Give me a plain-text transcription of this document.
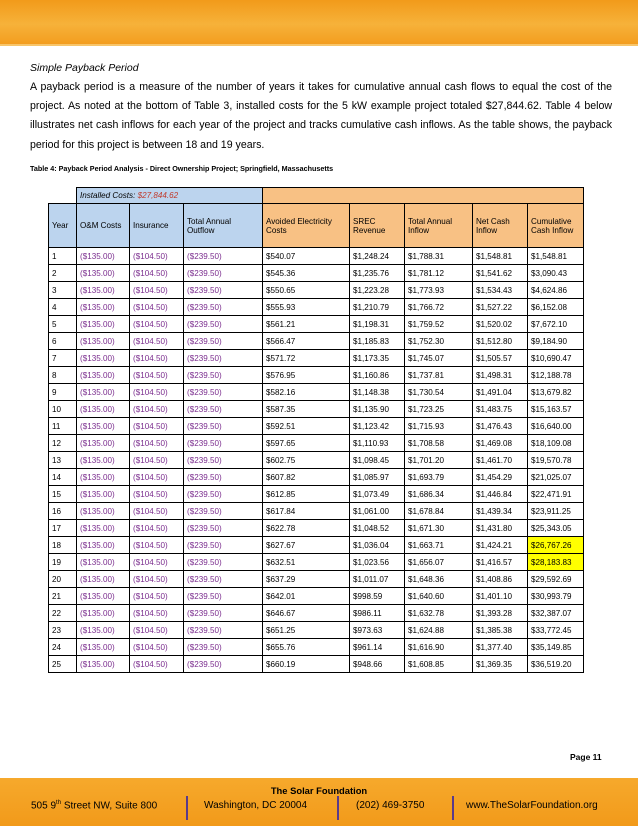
Simple Payback Period
A payback period is a measure of the number of years it takes for cumulative annual cash flows to equal the cost of the project. As noted at the bottom of Table 3, installed costs for the 5 kW example project totaled $27,844.62. Table 4 below illustrates net cash inflows for each year of the project and tracks cumulative cash inflows. As the table shows, the payback period for this project is between 18 and 19 years.
Table 4: Payback Period Analysis - Direct Ownership Project; Springfield, Massachusetts
	Installed Costs: $27,844.62							
Year	O&M Costs	Insurance	Total Annual Outflow	Avoided Electricity Costs	SREC Revenue	Total Annual Inflow	Net Cash Inflow	Cumulative Cash Inflow
1	($135.00)	($104.50)	($239.50)	$540.07	$1,248.24	$1,788.31	$1,548.81	$1,548.81
2	($135.00)	($104.50)	($239.50)	$545.36	$1,235.76	$1,781.12	$1,541.62	$3,090.43
3	($135.00)	($104.50)	($239.50)	$550.65	$1,223.28	$1,773.93	$1,534.43	$4,624.86
4	($135.00)	($104.50)	($239.50)	$555.93	$1,210.79	$1,766.72	$1,527.22	$6,152.08
5	($135.00)	($104.50)	($239.50)	$561.21	$1,198.31	$1,759.52	$1,520.02	$7,672.10
6	($135.00)	($104.50)	($239.50)	$566.47	$1,185.83	$1,752.30	$1,512.80	$9,184.90
7	($135.00)	($104.50)	($239.50)	$571.72	$1,173.35	$1,745.07	$1,505.57	$10,690.47
8	($135.00)	($104.50)	($239.50)	$576.95	$1,160.86	$1,737.81	$1,498.31	$12,188.78
9	($135.00)	($104.50)	($239.50)	$582.16	$1,148.38	$1,730.54	$1,491.04	$13,679.82
10	($135.00)	($104.50)	($239.50)	$587.35	$1,135.90	$1,723.25	$1,483.75	$15,163.57
11	($135.00)	($104.50)	($239.50)	$592.51	$1,123.42	$1,715.93	$1,476.43	$16,640.00
12	($135.00)	($104.50)	($239.50)	$597.65	$1,110.93	$1,708.58	$1,469.08	$18,109.08
13	($135.00)	($104.50)	($239.50)	$602.75	$1,098.45	$1,701.20	$1,461.70	$19,570.78
14	($135.00)	($104.50)	($239.50)	$607.82	$1,085.97	$1,693.79	$1,454.29	$21,025.07
15	($135.00)	($104.50)	($239.50)	$612.85	$1,073.49	$1,686.34	$1,446.84	$22,471.91
16	($135.00)	($104.50)	($239.50)	$617.84	$1,061.00	$1,678.84	$1,439.34	$23,911.25
17	($135.00)	($104.50)	($239.50)	$622.78	$1,048.52	$1,671.30	$1,431.80	$25,343.05
18	($135.00)	($104.50)	($239.50)	$627.67	$1,036.04	$1,663.71	$1,424.21	$26,767.26
19	($135.00)	($104.50)	($239.50)	$632.51	$1,023.56	$1,656.07	$1,416.57	$28,183.83
20	($135.00)	($104.50)	($239.50)	$637.29	$1,011.07	$1,648.36	$1,408.86	$29,592.69
21	($135.00)	($104.50)	($239.50)	$642.01	$998.59	$1,640.60	$1,401.10	$30,993.79
22	($135.00)	($104.50)	($239.50)	$646.67	$986.11	$1,632.78	$1,393.28	$32,387.07
23	($135.00)	($104.50)	($239.50)	$651.25	$973.63	$1,624.88	$1,385.38	$33,772.45
24	($135.00)	($104.50)	($239.50)	$655.76	$961.14	$1,616.90	$1,377.40	$35,149.85
25	($135.00)	($104.50)	($239.50)	$660.19	$948.66	$1,608.85	$1,369.35	$36,519.20
Page 11
The Solar Foundation
505 9th Street NW, Suite 800	Washington, DC 20004	(202) 469-3750	www.TheSolarFoundation.org
